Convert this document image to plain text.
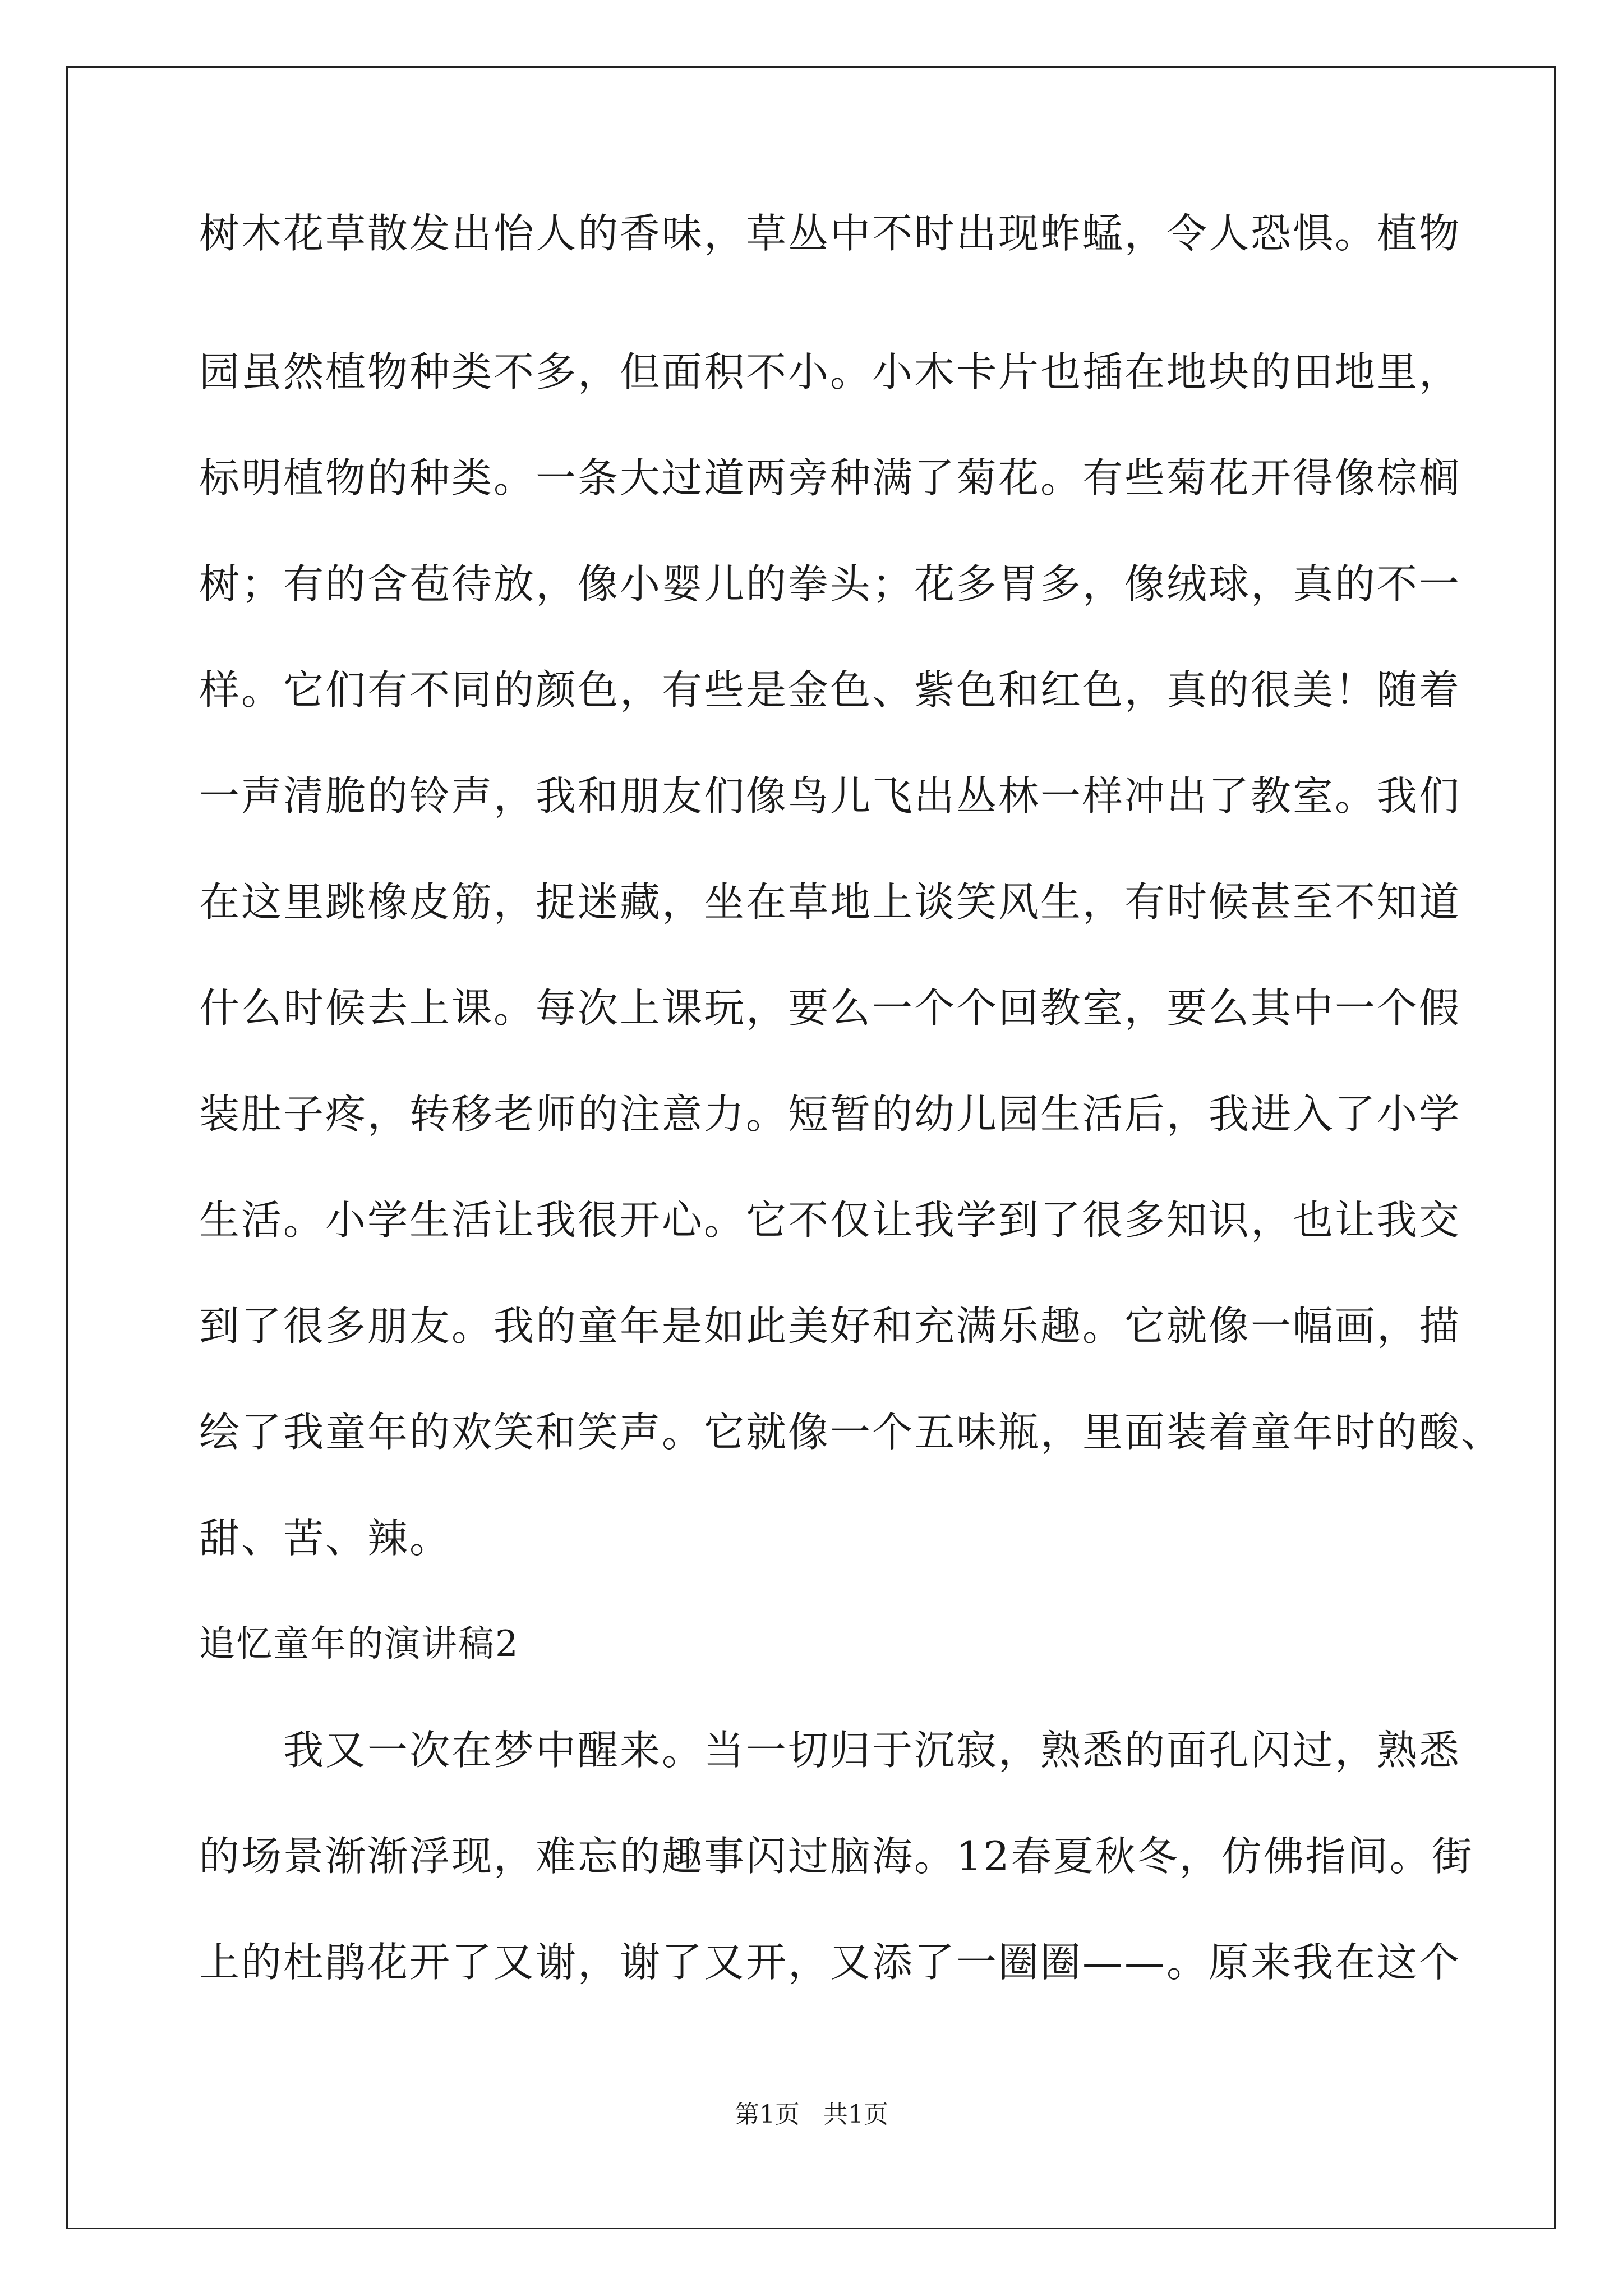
树木花草散发出怡人的香味，草丛中不时出现蚱蜢，令人恐惧。植物
园虽然植物种类不多，但面积不小。小木卡片也插在地块的田地里，
标明植物的种类。一条大过道两旁种满了菊花。有些菊花开得像棕榈
树；有的含苞待放，像小婴儿的拳头；花多胃多，像绒球，真的不一
样。它们有不同的颜色，有些是金色、紫色和红色，真的很美！随着
一声清脆的铃声，我和朋友们像鸟儿飞出丛林一样冲出了教室。我们
在这里跳橡皮筋，捉迷藏，坐在草地上谈笑风生，有时候甚至不知道
什么时候去上课。每次上课玩，要么一个个回教室，要么其中一个假
装肚子疼，转移老师的注意力。短暂的幼儿园生活后，我进入了小学
生活。小学生活让我很开心。它不仅让我学到了很多知识，也让我交
到了很多朋友。我的童年是如此美好和充满乐趣。它就像一幅画，描
绘了我童年的欢笑和笑声。它就像一个五味瓶，里面装着童年时的酸、
甜、苦、辣。
追忆童年的演讲稿2
我又一次在梦中醒来。当一切归于沉寂，熟悉的面孔闪过，熟悉
的场景渐渐浮现，难忘的趣事闪过脑海。12春夏秋冬，仿佛指间。街
上的杜鹃花开了又谢，谢了又开，又添了一圈圈——。原来我在这个
第1页   共1页
